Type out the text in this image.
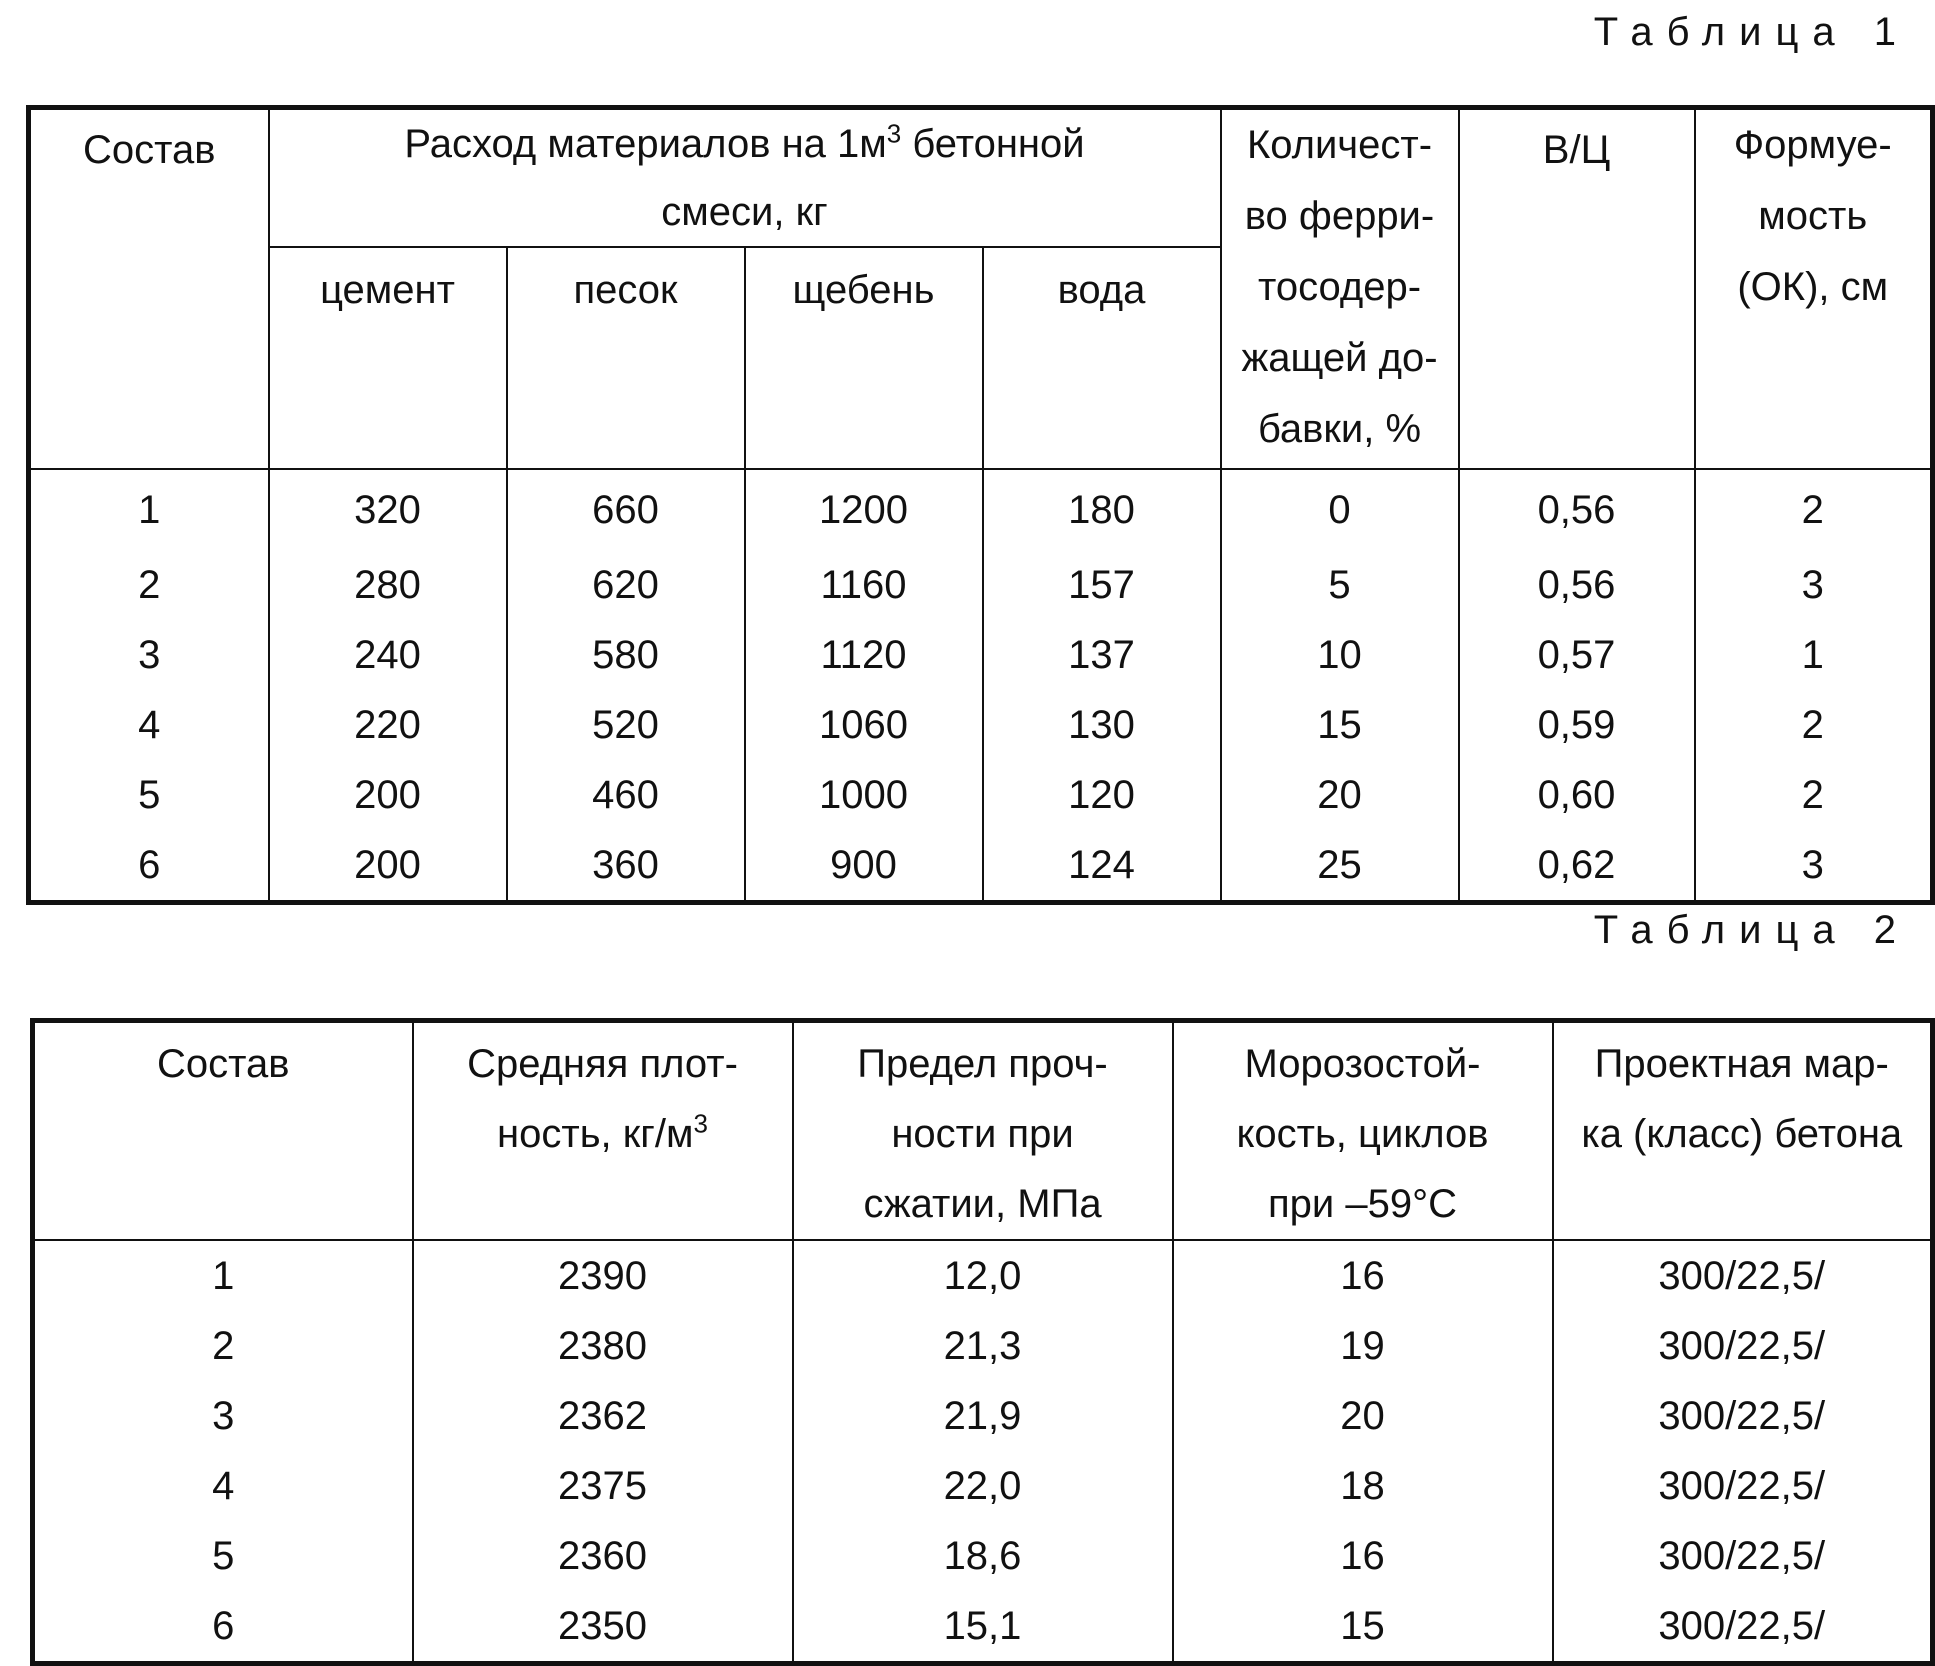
Таблица 1
Состав	Расход материалов на 1м3 бетонной
смеси, кг	Количест-
во ферри-
тосодер-
жащей до-
бавки, %	В/Ц	Формуе-
мость
(ОК), см
цемент	песок	щебень	вода
1	320	660	1200	180	0	0,56	2
2	280	620	1160	157	5	0,56	3
3	240	580	1120	137	10	0,57	1
4	220	520	1060	130	15	0,59	2
5	200	460	1000	120	20	0,60	2
6	200	360	900	124	25	0,62	3
Таблица 2
Состав	Средняя плот-
ность, кг/м3	Предел проч-
ности при
сжатии, МПа	Морозостой-
кость, циклов
при –59°С	Проектная мар-
ка (класс) бетона
1	2390	12,0	16	300/22,5/
2	2380	21,3	19	300/22,5/
3	2362	21,9	20	300/22,5/
4	2375	22,0	18	300/22,5/
5	2360	18,6	16	300/22,5/
6	2350	15,1	15	300/22,5/
